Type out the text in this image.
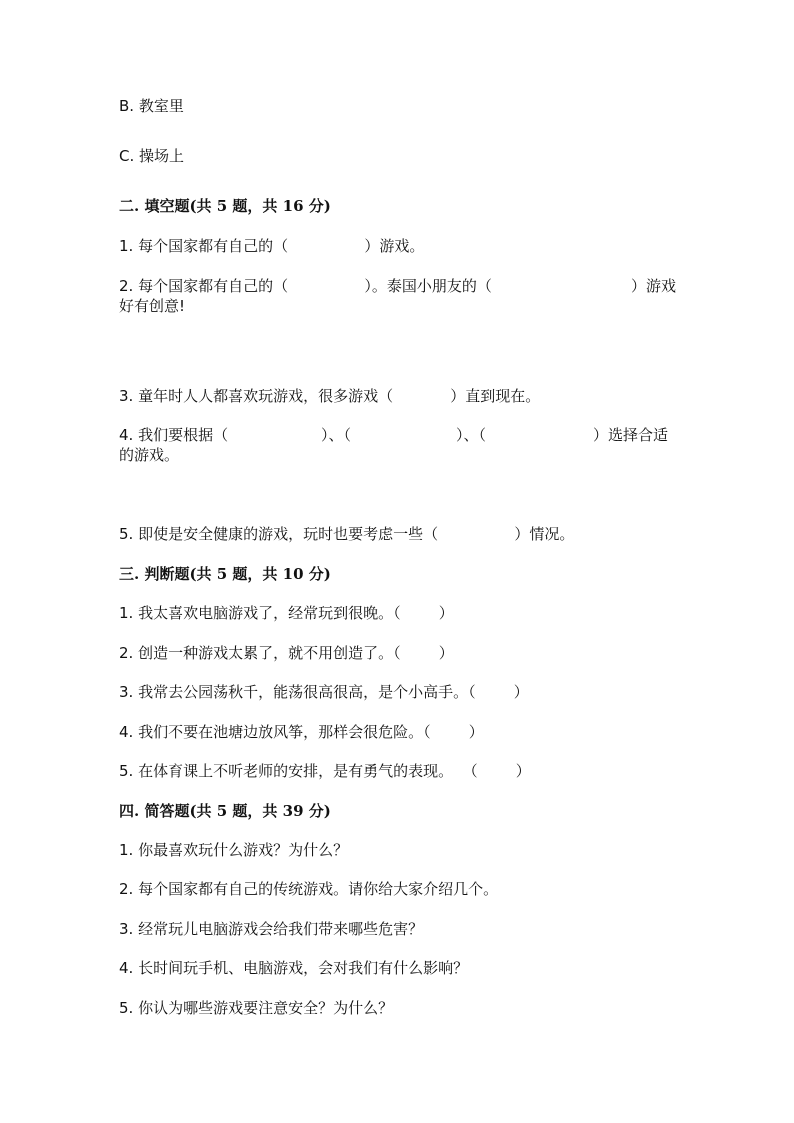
B. 教室里
C. 操场上
二. 填空题(共 5 题，共 16 分)
1. 每个国家都有自己的（                ）游戏。
2. 每个国家都有自己的（                ）。泰国小朋友的（	）游戏
好有创意!
3. 童年时人人都喜欢玩游戏，很多游戏（            ）直到现在。
4. 我们要根据（	）、（	）、（	）选择合适
的游戏。
5. 即使是安全健康的游戏，玩时也要考虑一些（                ）情况。
三. 判断题(共 5 题，共 10 分)
1. 我太喜欢电脑游戏了，经常玩到很晚。（        ）
2. 创造一种游戏太累了，就不用创造了。（        ）
3. 我常去公园荡秋千，能荡很高很高，是个小高手。（        ）
4. 我们不要在池塘边放风筝，那样会很危险。（        ）
5. 在体育课上不听老师的安排，是有勇气的表现。  （        ）
四. 简答题(共 5 题，共 39 分)
1. 你最喜欢玩什么游戏？为什么？
2. 每个国家都有自己的传统游戏。请你给大家介绍几个。
3. 经常玩儿电脑游戏会给我们带来哪些危害？
4. 长时间玩手机、电脑游戏，会对我们有什么影响？
5. 你认为哪些游戏要注意安全？为什么？
